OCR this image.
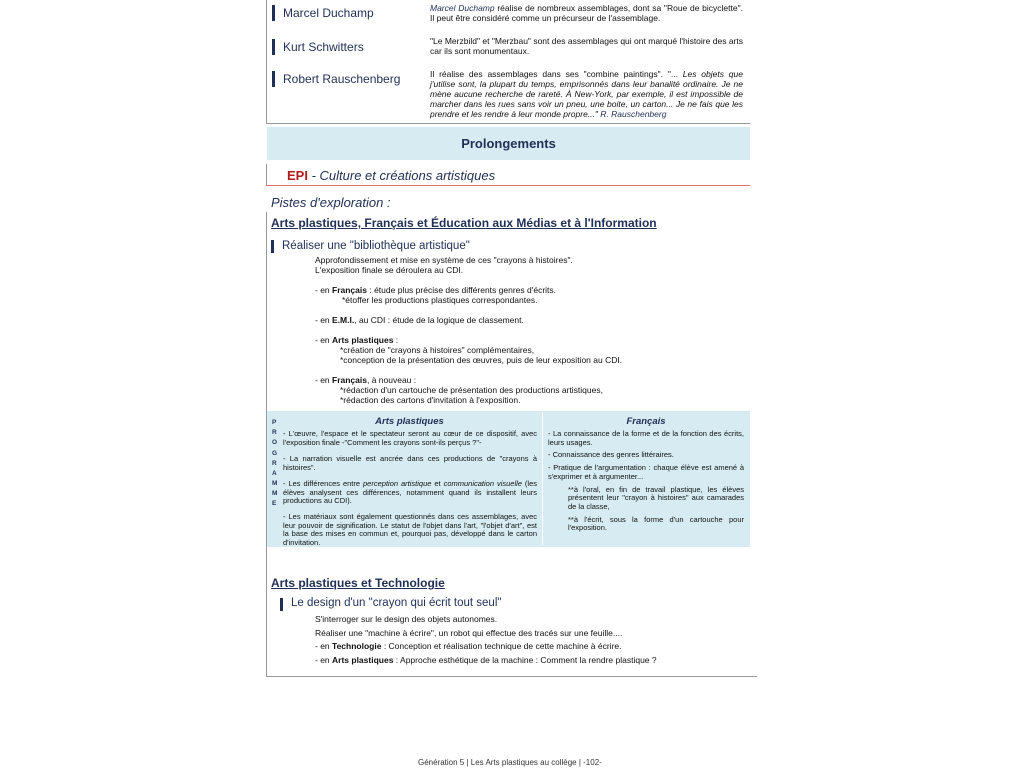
Marcel Duchamp	Marcel Duchamp réalise de nombreux assemblages, dont sa "Roue de bicyclette". Il peut être considéré comme un précurseur de l'assemblage.
Kurt Schwitters	"Le Merzbild" et "Merzbau" sont des assemblages qui ont marqué l'histoire des arts car ils sont monumentaux.
Robert Rauschenberg	Il réalise des assemblages dans ses "combine paintings". "... Les objets que j'utilise sont, la plupart du temps, emprisonnés dans leur banalité ordinaire. Je ne mène aucune recherche de rareté. À New-York, par exemple, il est impossible de marcher dans les rues sans voir un pneu, une boite, un carton... Je ne fais que les prendre et les rendre à leur monde propre..." R. Rauschenberg
Prolongements
EPI - Culture et créations artistiques
Pistes d'exploration :
Arts plastiques, Français et Éducation aux Médias et à l'Information
Réaliser une "bibliothèque artistique"
Approfondissement et mise en système de ces "crayons à histoires".
L'exposition finale se déroulera au CDI.
- en Français : étude plus précise des différents genres d'écrits.
*étoffer les productions plastiques correspondantes.
- en E.M.I., au CDI : étude de la logique de classement.
- en Arts plastiques :
*création de "crayons à histoires" complémentaires,
*conception de la présentation des œuvres, puis de leur exposition au CDI.
- en Français, à nouveau :
*rédaction d'un cartouche de présentation des productions artistiques,
*rédaction des cartons d'invitation à l'exposition.
P
R
O
G
R
A
M
M
E
Arts plastiques
- L'œuvre, l'espace et le spectateur seront au cœur de ce dispositif, avec l'exposition finale -"Comment les crayons sont-ils perçus ?"-
- La narration visuelle est ancrée dans ces productions de "crayons à histoires".
- Les différences entre perception artistique et communication visuelle (les élèves analysent ces différences, notamment quand ils installent leurs productions au CDI).
- Les matériaux sont également questionnés dans ces assemblages, avec leur pouvoir de signification. Le statut de l'objet dans l'art, "l'objet d'art", est la base des mises en commun et, pourquoi pas, développé dans le carton d'invitation.
Français
- La connaissance de la forme et de la fonction des écrits, leurs usages.
- Connaissance des genres littéraires.
- Pratique de l'argumentation : chaque élève est amené à s'exprimer et à argumenter...
**à l'oral, en fin de travail plastique, les élèves présentent leur "crayon à histoires" aux camarades de la classe,
**à l'écrit, sous la forme d'un cartouche pour l'exposition.
Arts plastiques et Technologie
Le design d'un "crayon qui écrit tout seul"
S'interroger sur le design des objets autonomes.
Réaliser une "machine à écrire", un robot qui effectue des tracés sur une feuille....
- en Technologie : Conception et réalisation technique de cette machine à écrire.
- en Arts plastiques : Approche esthétique de la machine : Comment la rendre plastique ?
Génération 5 | Les Arts plastiques au collège | -102-
